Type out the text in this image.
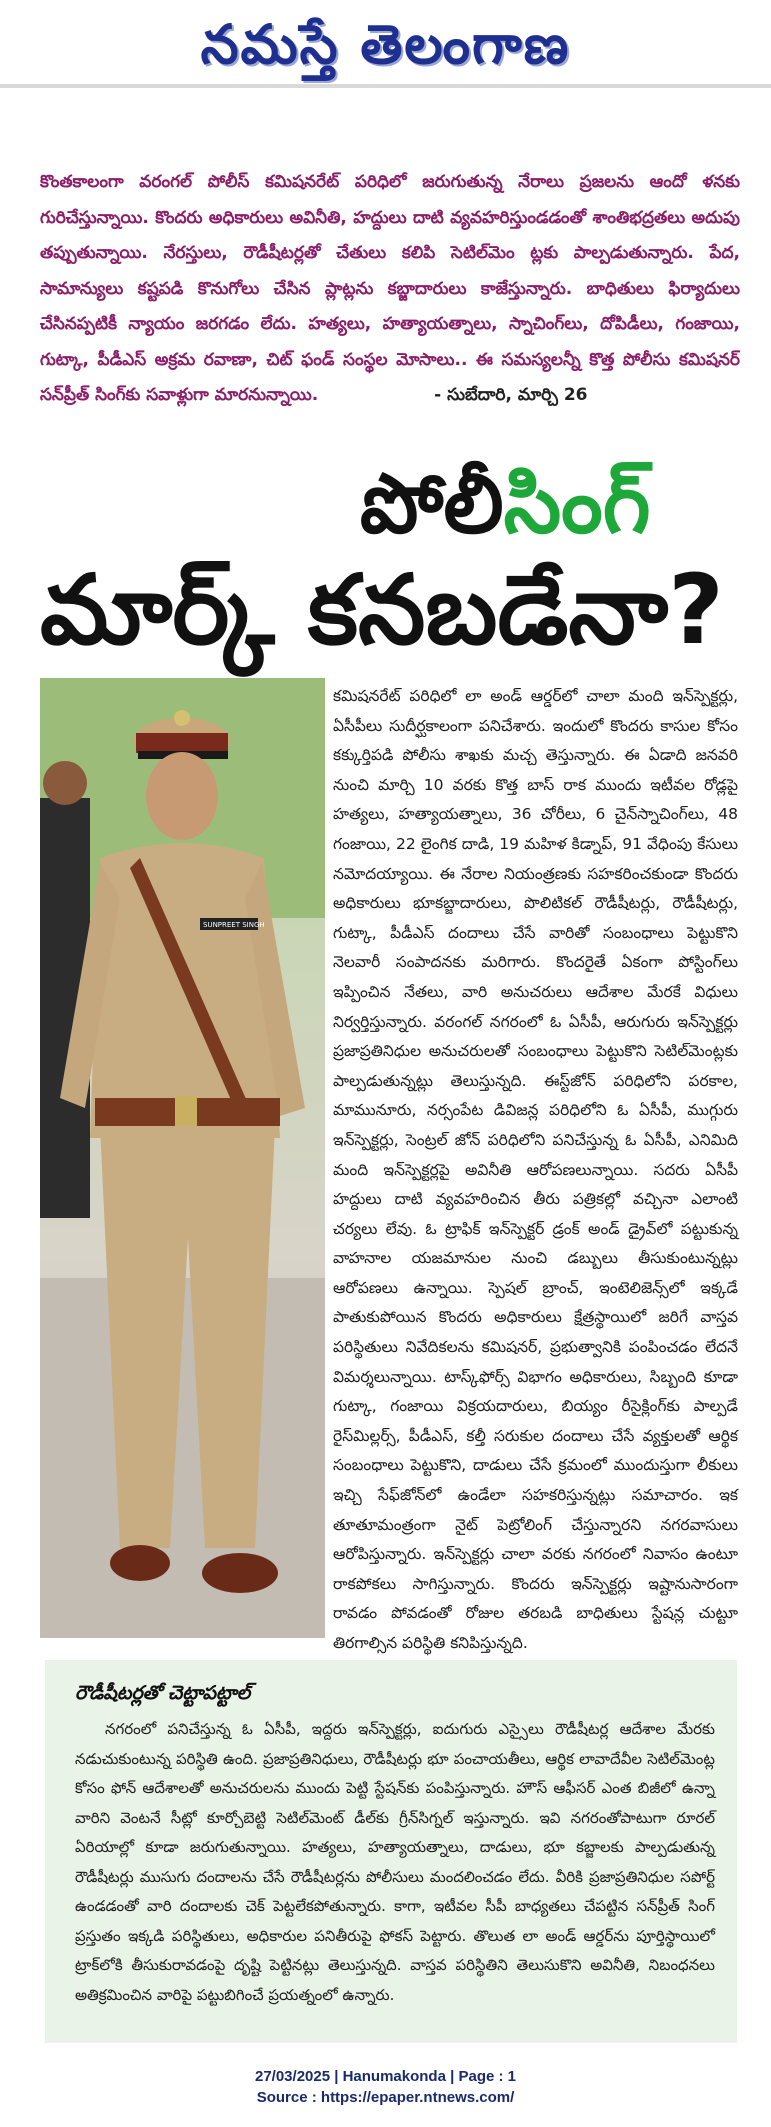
నమస్తే తెలంగాణ
కొంతకాలంగా వరంగల్ పోలీస్ కమిషనరేట్ పరిధిలో జరుగుతున్న నేరాలు ప్రజలను ఆందో ళనకు గురిచేస్తున్నాయి. కొందరు అధికారులు అవినీతి, హద్దులు దాటి వ్యవహరిస్తుండడంతో శాంతిభద్రతలు అదుపు తప్పుతున్నాయి. నేరస్తులు, రౌడీషీటర్లతో చేతులు కలిపి సెటిల్‌మెం ట్లకు పాల్పడుతున్నారు. పేద, సామాన్యులు కష్టపడి కొనుగోలు చేసిన ప్లాట్లను కబ్జాదారులు కాజేస్తున్నారు. బాధితులు ఫిర్యాదులు చేసినప్పటికీ న్యాయం జరగడం లేదు. హత్యలు, హత్యాయత్నాలు, స్నాచింగ్‌లు, దోపిడీలు, గంజాయి, గుట్కా, పీడీఎస్ అక్రమ రవాణా, చిట్ ఫండ్ సంస్థల మోసాలు.. ఈ సమస్యలన్నీ కొత్త పోలీసు కమిషనర్ సన్‌ప్రీత్ సింగ్‌కు సవాళ్లుగా మారనున్నాయి.	- సుబేదారి, మార్చి 26
పోలీసింగ్
మార్క్ కనబడేనా?
SUNPREET SINGH
కమిషనరేట్ పరిధిలో లా అండ్ ఆర్డర్‌లో చాలా మంది ఇన్‌స్పెక్టర్లు, ఏసీపీలు సుదీర్ఘకాలంగా పనిచేశారు. ఇందులో కొందరు కాసుల కోసం కక్కుర్తిపడి పోలీసు శాఖకు మచ్చ తెస్తున్నారు. ఈ ఏడాది జనవరి నుంచి మార్చి 10 వరకు కొత్త బాస్ రాక ముందు ఇటీవల రోడ్లపై హత్యలు, హత్యాయత్నాలు, 36 చోరీలు, 6 చైన్‌స్నాచింగ్‌లు, 48 గంజాయి, 22 లైంగిక దాడి, 19 మహిళ కిడ్నాప్, 91 వేధింపు కేసులు నమోదయ్యాయి. ఈ నేరాల నియంత్రణకు సహకరించకుండా కొందరు అధికారులు భూకబ్జాదారులు, పొలిటికల్ రౌడీషీటర్లు, రౌడీషీటర్లు, గుట్కా, పీడీఎస్ దందాలు చేసే వారితో సంబంధాలు పెట్టుకొని నెలవారీ సంపాదనకు మరిగారు. కొందరైతే ఏకంగా పోస్టింగ్‌లు ఇప్పించిన నేతలు, వారి అనుచరులు ఆదేశాల మేరకే విధులు నిర్వర్తిస్తున్నారు. వరంగల్ నగరంలో ఓ ఏసీపీ, ఆరుగురు ఇన్‌స్పెక్టర్లు ప్రజాప్రతినిధుల అనుచరులతో సంబంధాలు పెట్టుకొని సెటిల్‌మెంట్లకు పాల్పడుతున్నట్లు తెలుస్తున్నది. ఈస్ట్‌జోన్ పరిధిలోని పరకాల, మామునూరు, నర్సంపేట డివిజన్ల పరిధిలోని ఓ ఏసీపీ, ముగ్గురు ఇన్‌స్పెక్టర్లు, సెంట్రల్ జోన్ పరిధిలోని పనిచేస్తున్న ఓ ఏసీపీ, ఎనిమిది మంది ఇన్‌స్పెక్టర్లపై అవినీతి ఆరోపణలున్నాయి. సదరు ఏసీపీ హద్దులు దాటి వ్యవహరించిన తీరు పత్రికల్లో వచ్చినా ఎలాంటి చర్యలు లేవు. ఓ ట్రాఫిక్ ఇన్‌స్పెక్టర్ డ్రంక్ అండ్ డ్రైవ్‌లో పట్టుకున్న వాహనాల యజమానుల నుంచి డబ్బులు తీసుకుంటున్నట్లు ఆరోపణలు ఉన్నాయి. స్పెషల్ బ్రాంచ్, ఇంటెలిజెన్స్‌లో ఇక్కడే పాతుకుపోయిన కొందరు అధికారులు క్షేత్రస్థాయిలో జరిగే వాస్తవ పరిస్థితులు నివేదికలను కమిషనర్, ప్రభుత్వానికి పంపించడం లేదనే విమర్శలున్నాయి. టాస్క్‌ఫోర్స్ విభాగం అధికారులు, సిబ్బంది కూడా గుట్కా, గంజాయి విక్రయదారులు, బియ్యం రీసైక్లింగ్‌కు పాల్పడే రైస్‌మిల్లర్స్, పీడీఎస్, కల్తీ సరుకుల దందాలు చేసే వ్యక్తులతో ఆర్థిక సంబంధాలు పెట్టుకొని, దాడులు చేసే క్రమంలో ముందుస్తుగా లీకులు ఇచ్చి సేఫ్‌జోన్‌లో ఉండేలా సహకరిస్తున్నట్లు సమాచారం. ఇక తూతూమంత్రంగా నైట్ పెట్రోలింగ్ చేస్తున్నారని నగరవాసులు ఆరోపిస్తున్నారు. ఇన్‌స్పెక్టర్లు చాలా వరకు నగరంలో నివాసం ఉంటూ రాకపోకలు సాగిస్తున్నారు. కొందరు ఇన్‌స్పెక్టర్లు ఇష్టానుసారంగా రావడం పోవడంతో రోజుల తరబడి బాధితులు స్టేషన్ల చుట్టూ తిరగాల్సిన పరిస్థితి కనిపిస్తున్నది.
రౌడీషీటర్లతో చెట్టాపట్టాల్
నగరంలో పనిచేస్తున్న ఓ ఏసీపీ, ఇద్దరు ఇన్‌స్పెక్టర్లు, ఐదుగురు ఎస్సైలు రౌడీషీటర్ల ఆదేశాల మేరకు నడుచుకుంటున్న పరిస్థితి ఉంది. ప్రజాప్రతినిధులు, రౌడీషీటర్లు భూ పంచాయతీలు, ఆర్థిక లావాదేవీల సెటిల్‌మెంట్ల కోసం ఫోన్ ఆదేశాలతో అనుచరులను ముందు పెట్టి స్టేషన్‌కు పంపిస్తున్నారు. హౌస్ ఆఫీసర్ ఎంత బిజీలో ఉన్నా వారిని వెంటనే సీట్లో కూర్చోబెట్టి సెటిల్‌మెంట్ డీల్‌కు గ్రీన్‌సిగ్నల్ ఇస్తున్నారు. ఇవి నగరంతోపాటుగా రూరల్ ఏరియాల్లో కూడా జరుగుతున్నాయి. హత్యలు, హత్యాయత్నాలు, దాడులు, భూ కబ్జాలకు పాల్పడుతున్న రౌడీషీటర్లు ముసుగు దందాలను చేసే రౌడీషీటర్లను పోలీసులు మందలించడం లేదు. వీరికి ప్రజాప్రతినిధుల సపోర్ట్ ఉండడంతో వారి దందాలకు చెక్ పెట్టలేకపోతున్నారు. కాగా, ఇటీవల సీపీ బాధ్యతలు చేపట్టిన సన్‌ప్రీత్ సింగ్ ప్రస్తుతం ఇక్కడి పరిస్థితులు, అధికారుల పనితీరుపై ఫోకస్ పెట్టారు. తొలుత లా అండ్ ఆర్డర్‌ను పూర్తిస్థాయిలో ట్రాక్‌లోకి తీసుకురావడంపై దృష్టి పెట్టినట్లు తెలుస్తున్నది. వాస్తవ పరిస్థితిని తెలుసుకొని అవినీతి, నిబంధనలు అతిక్రమించిన వారిపై పట్టుబిగించే ప్రయత్నంలో ఉన్నారు.
27/03/2025 | Hanumakonda | Page : 1
Source : https://epaper.ntnews.com/
